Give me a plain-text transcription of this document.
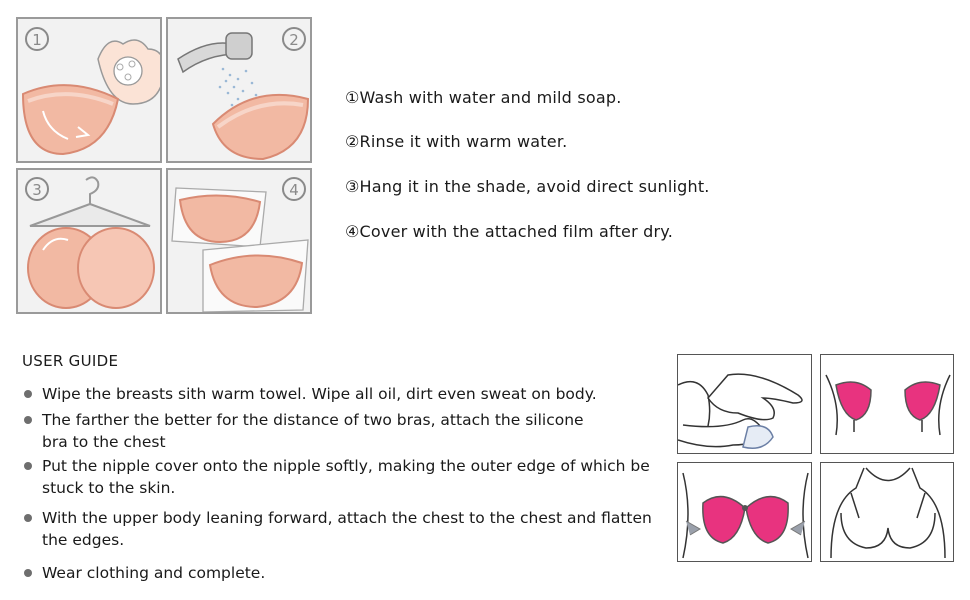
1	2
3	4
①Wash with water and mild soap.
②Rinse it with warm water.
③Hang it in the shade, avoid direct sunlight.
④Cover with the attached film after dry.
USER GUIDE
Wipe the breasts sith warm towel. Wipe all oil, dirt even sweat on body.
The farther the better for the distance of two bras, attach the silicone bra to the chest
Put the nipple cover onto the nipple softly, making the outer edge of which be stuck to the skin.
With the upper body leaning forward, attach the chest to the chest and flatten the edges.
Wear clothing and complete.
